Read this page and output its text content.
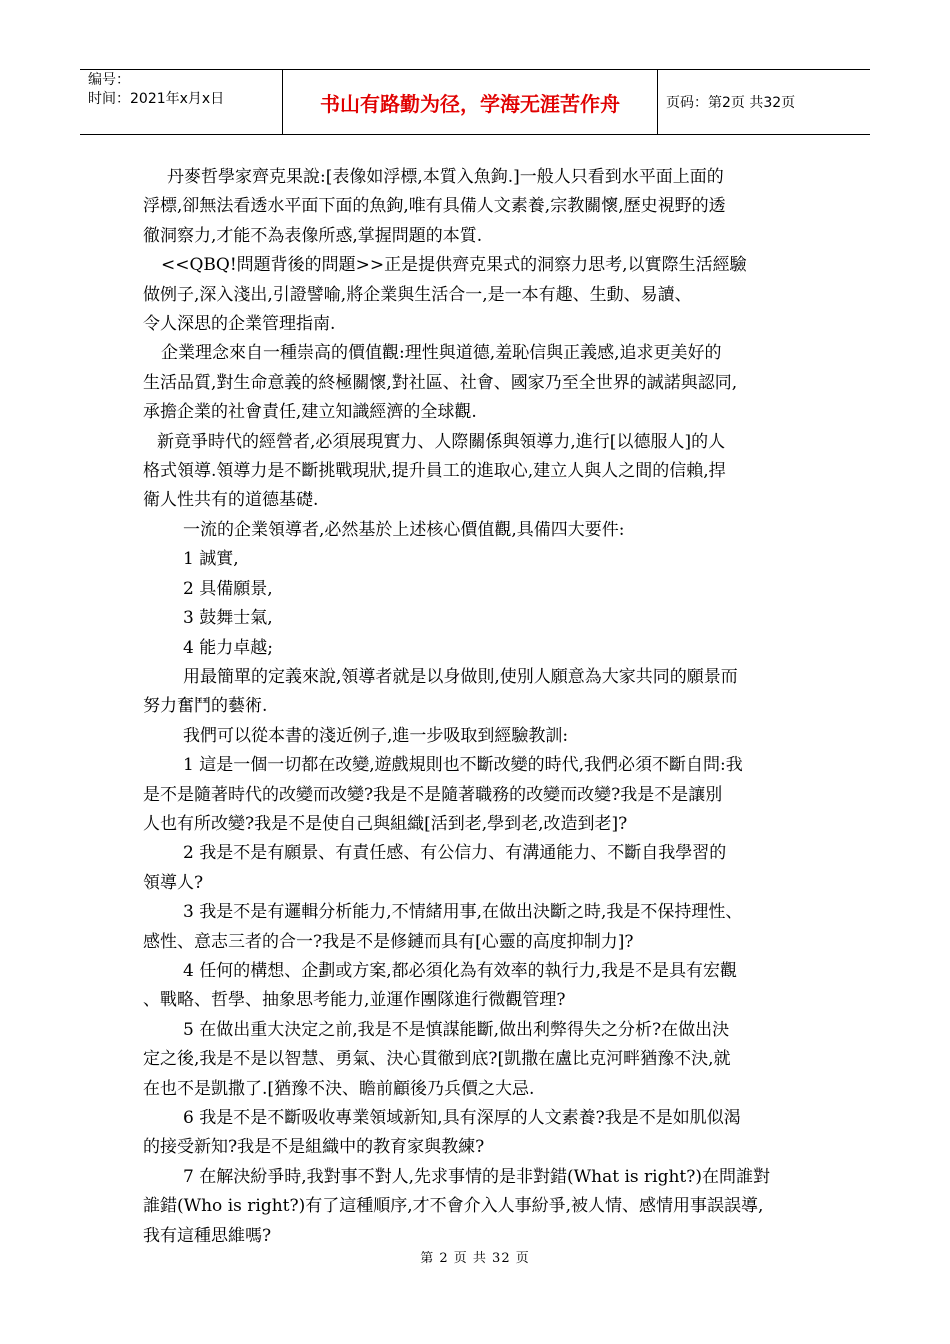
编号：
时间：2021年x月x日	书山有路勤为径，学海无涯苦作舟	页码：第2页 共32页
丹麥哲學家齊克果說:[表像如浮標,本質入魚鉤.]一般人只看到水平面上面的
浮標,卻無法看透水平面下面的魚鉤,唯有具備人文素養,宗教關懷,歷史視野的透
徹洞察力,才能不為表像所惑,掌握問題的本質.
<<QBQ!問題背後的問題>>正是提供齊克果式的洞察力思考,以實際生活經驗
做例子,深入淺出,引證譬喻,將企業與生活合一,是一本有趣、生動、易讀、
令人深思的企業管理指南.
企業理念來自一種崇高的價值觀:理性與道德,羞恥信與正義感,追求更美好的
生活品質,對生命意義的終極關懷,對社區、社會、國家乃至全世界的誠諾與認同,
承擔企業的社會責任,建立知識經濟的全球觀.
新竟爭時代的經營者,必須展現實力、人際關係與領導力,進行[以德服人]的人
格式領導.領導力是不斷挑戰現狀,提升員工的進取心,建立人與人之間的信賴,捍
衛人性共有的道德基礎.
一流的企業領導者,必然基於上述核心價值觀,具備四大要件:
1 誠實,
2 具備願景,
3 鼓舞士氣,
4 能力卓越;
用最簡單的定義來說,領導者就是以身做則,使別人願意為大家共同的願景而
努力奮鬥的藝術.
我們可以從本書的淺近例子,進一步吸取到經驗教訓:
1 這是一個一切都在改變,遊戲規則也不斷改變的時代,我們必須不斷自問:我
是不是隨著時代的改變而改變?我是不是隨著職務的改變而改變?我是不是讓別
人也有所改變?我是不是使自己與組織[活到老,學到老,改造到老]?
2 我是不是有願景、有責任感、有公信力、有溝通能力、不斷自我學習的
領導人?
3 我是不是有邏輯分析能力,不情緒用事,在做出決斷之時,我是不保持理性、
感性、意志三者的合一?我是不是修鏈而具有[心靈的高度抑制力]?
4 任何的構想、企劃或方案,都必須化為有效率的執行力,我是不是具有宏觀
、戰略、哲學、抽象思考能力,並運作團隊進行微觀管理?
5 在做出重大決定之前,我是不是慎謀能斷,做出利弊得失之分析?在做出決
定之後,我是不是以智慧、勇氣、決心貫徹到底?[凱撒在盧比克河畔猶豫不決,就
在也不是凱撒了.[猶豫不決、瞻前顧後乃兵價之大忌.
6 我是不是不斷吸收專業領域新知,具有深厚的人文素養?我是不是如肌似渴
的接受新知?我是不是組織中的教育家與教練?
7 在解決紛爭時,我對事不對人,先求事情的是非對錯(What is right?)在問誰對
誰錯(Who is right?)有了這種順序,才不會介入人事紛爭,被人情、感情用事誤誤導,
我有這種思維嗎?
第 2 页 共 32 页
